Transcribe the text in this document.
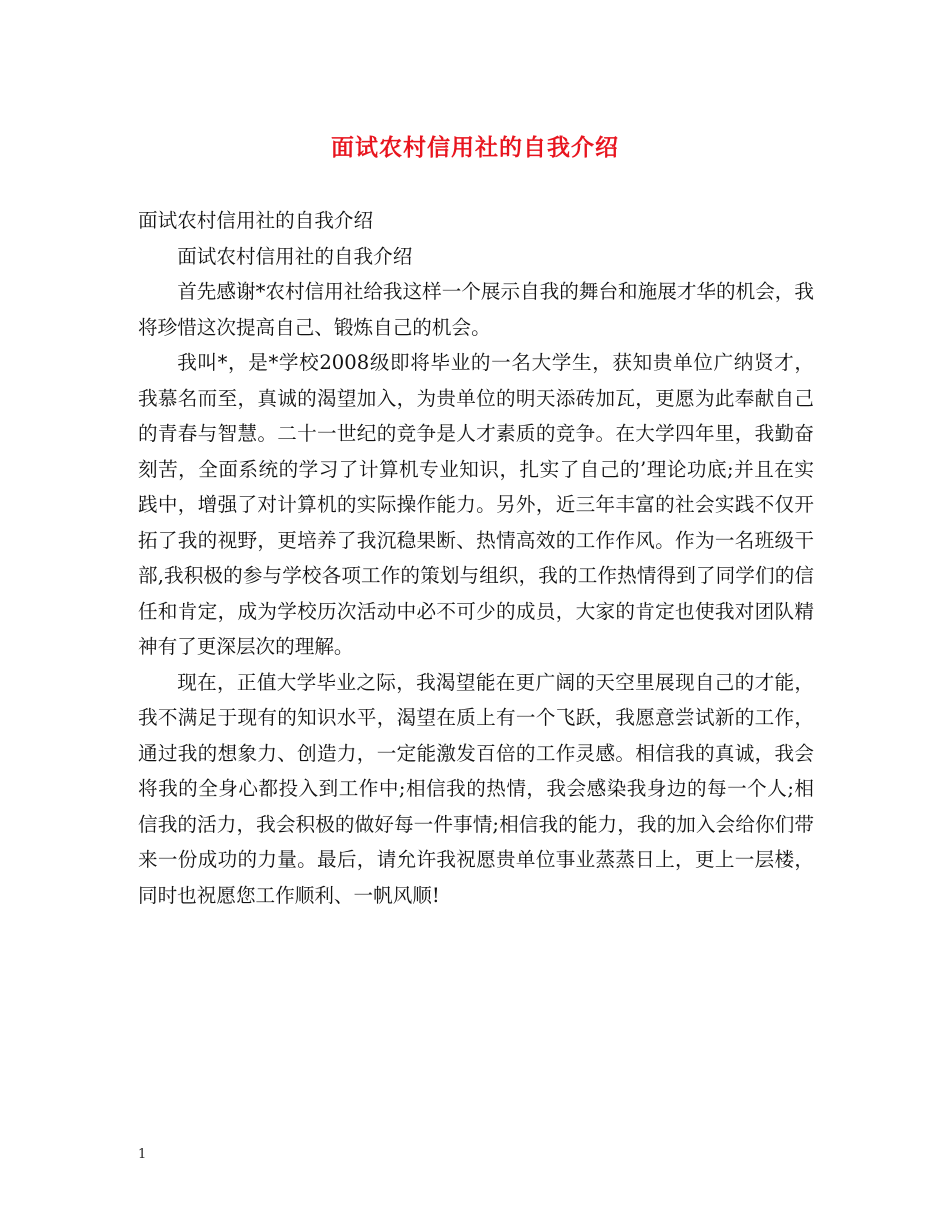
面试农村信用社的自我介绍

面试农村信用社的自我介绍

面试农村信用社的自我介绍

首先感谢*农村信用社给我这样一个展示自我的舞台和施展才华的机会，我将珍惜这次提高自己、锻炼自己的机会。

我叫*，是*学校2008级即将毕业的一名大学生，获知贵单位广纳贤才，我慕名而至，真诚的渴望加入，为贵单位的明天添砖加瓦，更愿为此奉献自己的青春与智慧。二十一世纪的竞争是人才素质的竞争。在大学四年里，我勤奋刻苦，全面系统的学习了计算机专业知识，扎实了自己的’理论功底;并且在实践中，增强了对计算机的实际操作能力。另外，近三年丰富的社会实践不仅开拓了我的视野，更培养了我沉稳果断、热情高效的工作作风。作为一名班级干部,我积极的参与学校各项工作的策划与组织，我的工作热情得到了同学们的信任和肯定，成为学校历次活动中必不可少的成员，大家的肯定也使我对团队精神有了更深层次的理解。

现在，正值大学毕业之际，我渴望能在更广阔的天空里展现自己的才能，我不满足于现有的知识水平，渴望在质上有一个飞跃，我愿意尝试新的工作，通过我的想象力、创造力，一定能激发百倍的工作灵感。相信我的真诚，我会将我的全身心都投入到工作中;相信我的热情，我会感染我身边的每一个人;相信我的活力，我会积极的做好每一件事情;相信我的能力，我的加入会给你们带来一份成功的力量。最后，请允许我祝愿贵单位事业蒸蒸日上，更上一层楼，同时也祝愿您工作顺利、一帆风顺!

1
